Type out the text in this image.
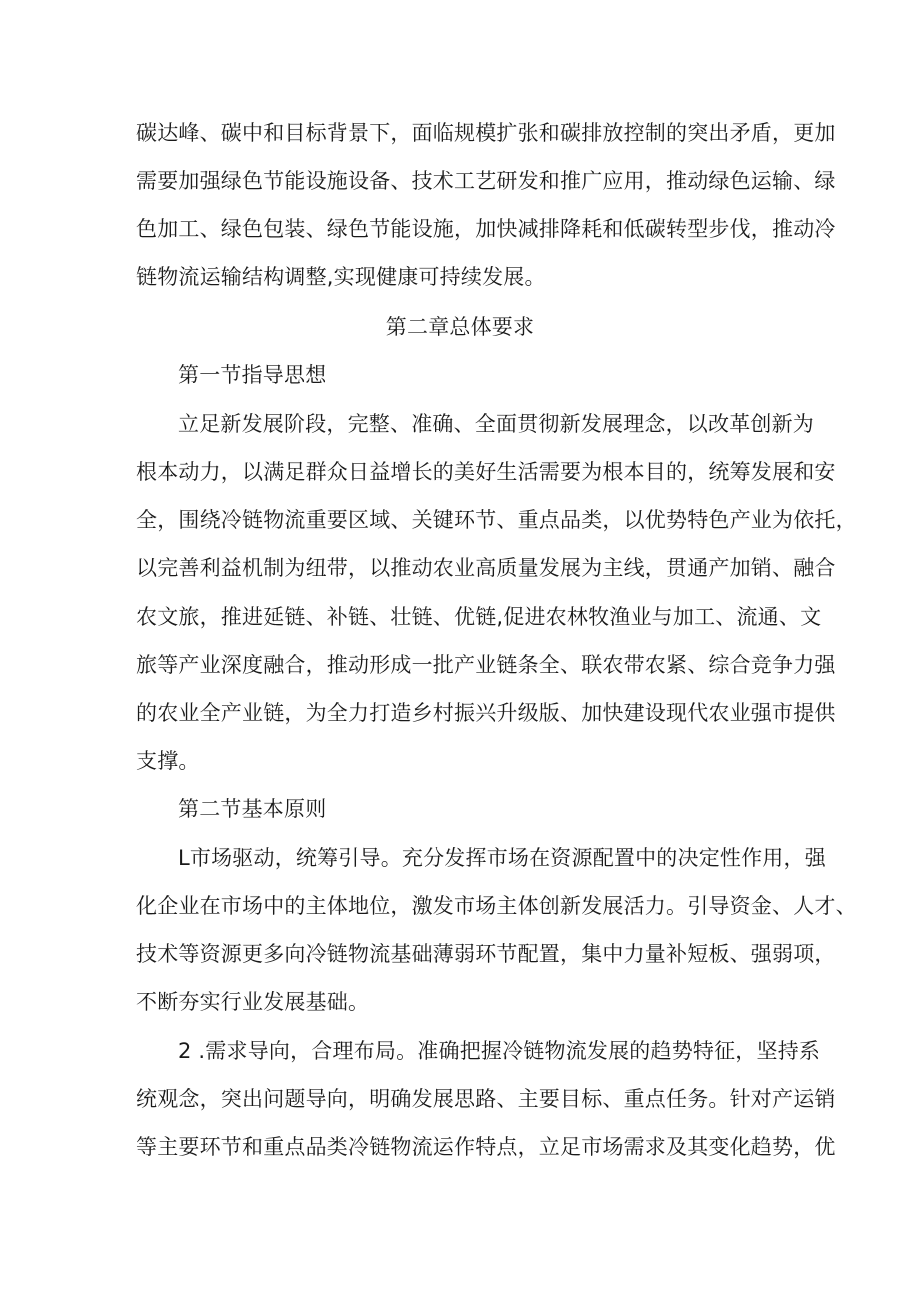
碳达峰、碳中和目标背景下，面临规模扩张和碳排放控制的突出矛盾，更加
需要加强绿色节能设施设备、技术工艺研发和推广应用，推动绿色运输、绿
色加工、绿色包装、绿色节能设施，加快减排降耗和低碳转型步伐，推动冷
链物流运输结构调整,实现健康可持续发展。
第二章总体要求
第一节指导思想
立足新发展阶段，完整、准确、全面贯彻新发展理念，以改革创新为
根本动力，以满足群众日益增长的美好生活需要为根本目的，统筹发展和安
全，围绕冷链物流重要区域、关键环节、重点品类，以优势特色产业为依托，
以完善利益机制为纽带，以推动农业高质量发展为主线，贯通产加销、融合
农文旅，推进延链、补链、壮链、优链,促进农林牧渔业与加工、流通、文
旅等产业深度融合，推动形成一批产业链条全、联农带农紧、综合竞争力强
的农业全产业链，为全力打造乡村振兴升级版、加快建设现代农业强市提供
支撑。
第二节基本原则
L市场驱动，统筹引导。充分发挥市场在资源配置中的决定性作用，强
化企业在市场中的主体地位，激发市场主体创新发展活力。引导资金、人才、
技术等资源更多向冷链物流基础薄弱环节配置，集中力量补短板、强弱项，
不断夯实行业发展基础。
2 .需求导向，合理布局。准确把握冷链物流发展的趋势特征，坚持系
统观念，突出问题导向，明确发展思路、主要目标、重点任务。针对产运销
等主要环节和重点品类冷链物流运作特点，立足市场需求及其变化趋势，优
